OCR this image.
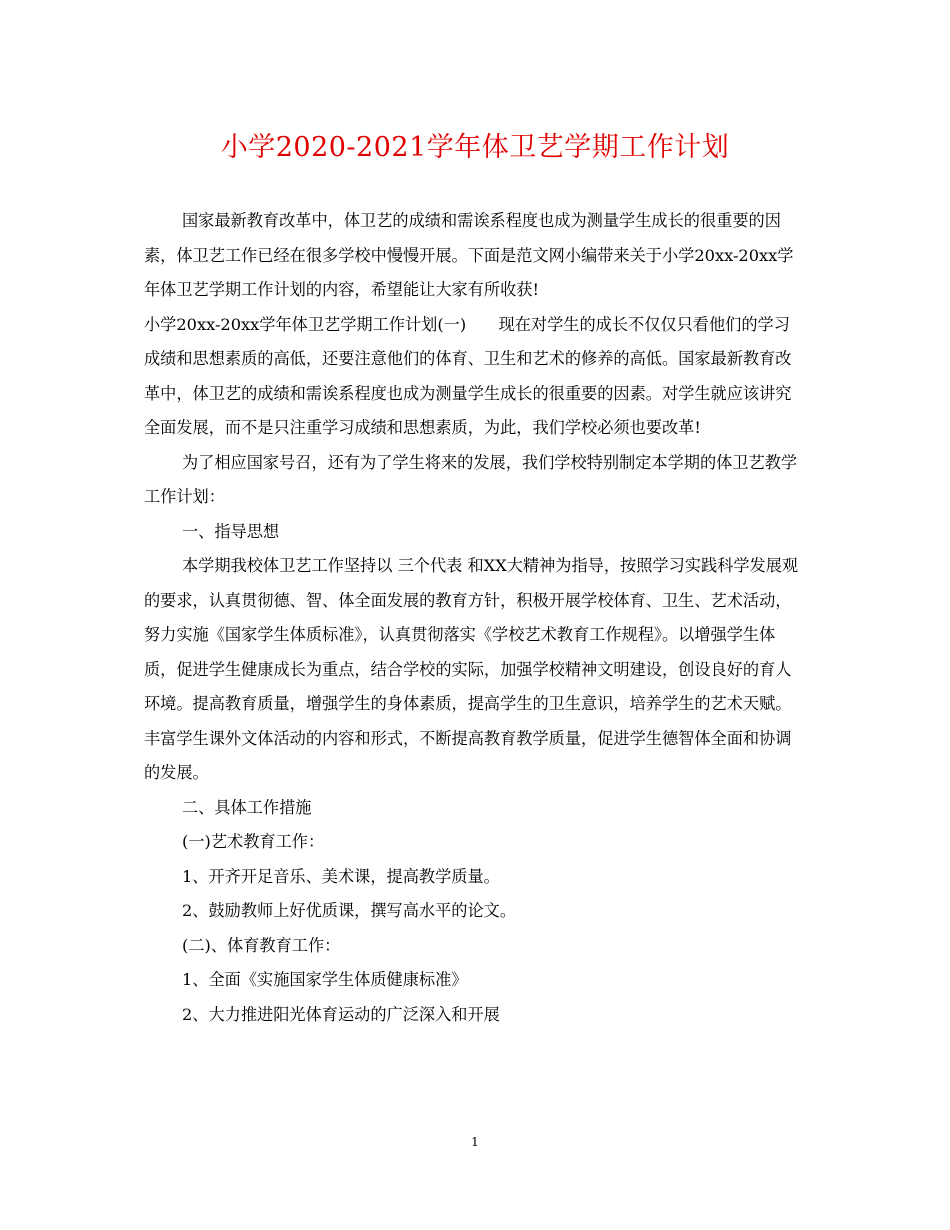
小学2020-2021学年体卫艺学期工作计划

国家最新教育改革中，体卫艺的成绩和需诶系程度也成为测量学生成长的很重要的因素，体卫艺工作已经在很多学校中慢慢开展。下面是范文网小编带来关于小学20xx-20xx学年体卫艺学期工作计划的内容，希望能让大家有所收获!

小学20xx-20xx学年体卫艺学期工作计划(一)　　现在对学生的成长不仅仅只看他们的学习成绩和思想素质的高低，还要注意他们的体育、卫生和艺术的修养的高低。国家最新教育改革中，体卫艺的成绩和需诶系程度也成为测量学生成长的很重要的因素。对学生就应该讲究全面发展，而不是只注重学习成绩和思想素质，为此，我们学校必须也要改革!

为了相应国家号召，还有为了学生将来的发展，我们学校特别制定本学期的体卫艺教学工作计划：

一、指导思想

本学期我校体卫艺工作坚持以 三个代表 和XX大精神为指导，按照学习实践科学发展观的要求，认真贯彻德、智、体全面发展的教育方针，积极开展学校体育、卫生、艺术活动，努力实施《国家学生体质标准》，认真贯彻落实《学校艺术教育工作规程》。以增强学生体质，促进学生健康成长为重点，结合学校的实际，加强学校精神文明建设，创设良好的育人环境。提高教育质量，增强学生的身体素质，提高学生的卫生意识，培养学生的艺术天赋。丰富学生课外文体活动的内容和形式，不断提高教育教学质量，促进学生德智体全面和协调的发展。

二、具体工作措施

(一)艺术教育工作：

1、开齐开足音乐、美术课，提高教学质量。

2、鼓励教师上好优质课，撰写高水平的论文。

(二)、体育教育工作：

1、全面《实施国家学生体质健康标准》

2、大力推进阳光体育运动的广泛深入和开展

1
